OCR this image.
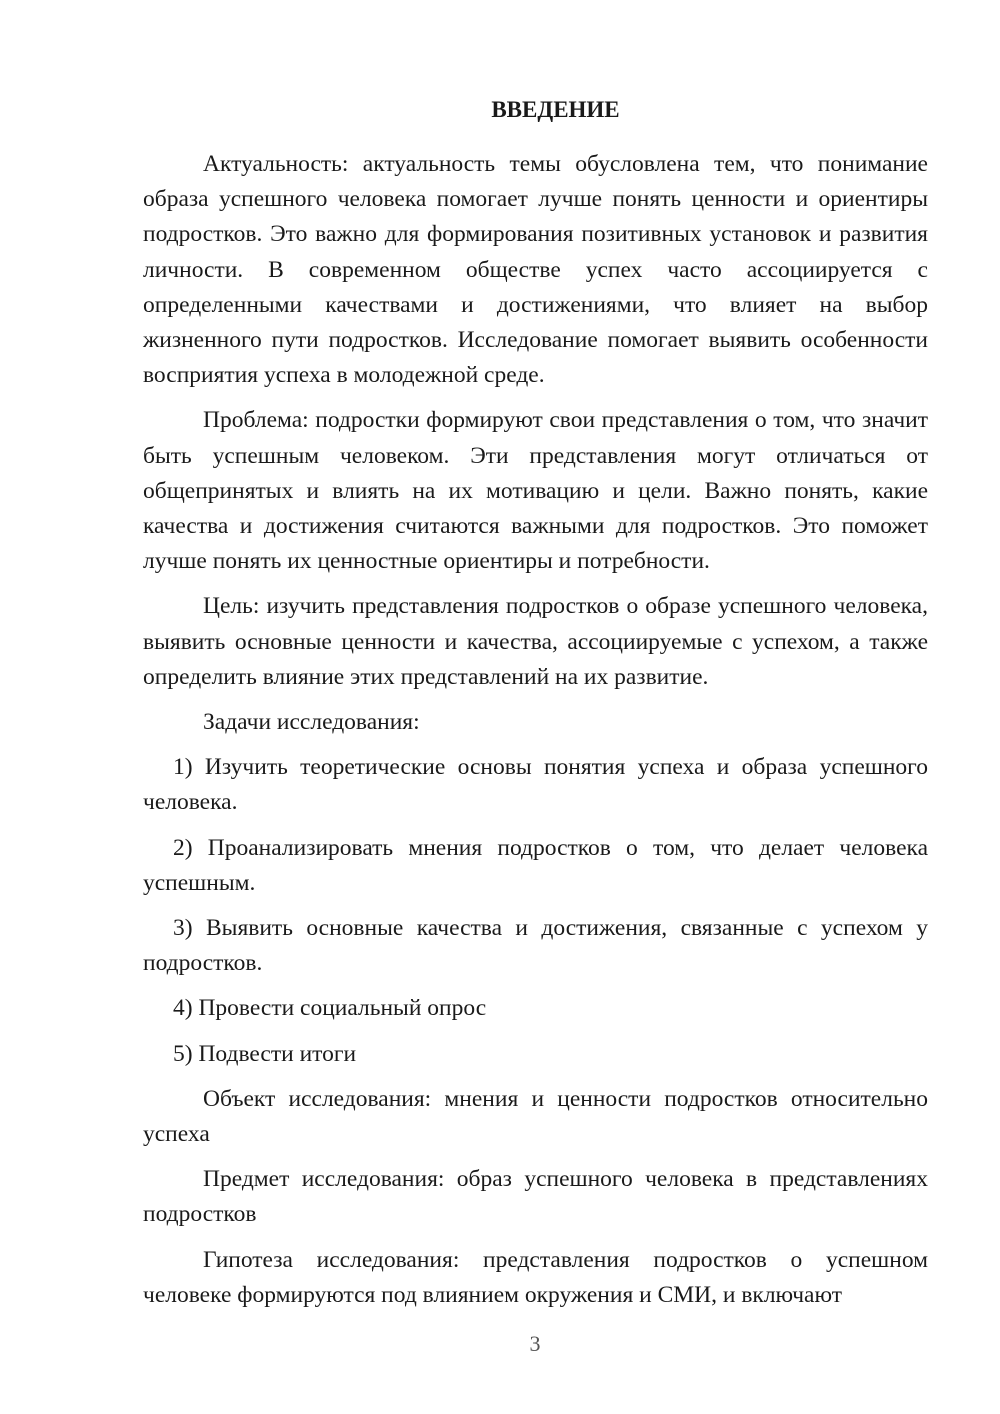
ВВЕДЕНИЕ

Актуальность: актуальность темы обусловлена тем, что понимание образа успешного человека помогает лучше понять ценности и ориентиры подростков. Это важно для формирования позитивных установок и развития личности. В современном обществе успех часто ассоциируется с определенными качествами и достижениями, что влияет на выбор жизненного пути подростков. Исследование помогает выявить особенности восприятия успеха в молодежной среде.

Проблема: подростки формируют свои представления о том, что значит быть успешным человеком. Эти представления могут отличаться от общепринятых и влиять на их мотивацию и цели. Важно понять, какие качества и достижения считаются важными для подростков. Это поможет лучше понять их ценностные ориентиры и потребности.

Цель: изучить представления подростков о образе успешного человека, выявить основные ценности и качества, ассоциируемые с успехом, а также определить влияние этих представлений на их развитие.

Задачи исследования:

1) Изучить теоретические основы понятия успеха и образа успешного человека.

2) Проанализировать мнения подростков о том, что делает человека успешным.

3) Выявить основные качества и достижения, связанные с успехом у подростков.

4) Провести социальный опрос

5) Подвести итоги

Объект исследования: мнения и ценности подростков относительно успеха

Предмет исследования: образ успешного человека в представлениях подростков

Гипотеза исследования: представления подростков о успешном человеке формируются под влиянием окружения и СМИ, и включают

3
